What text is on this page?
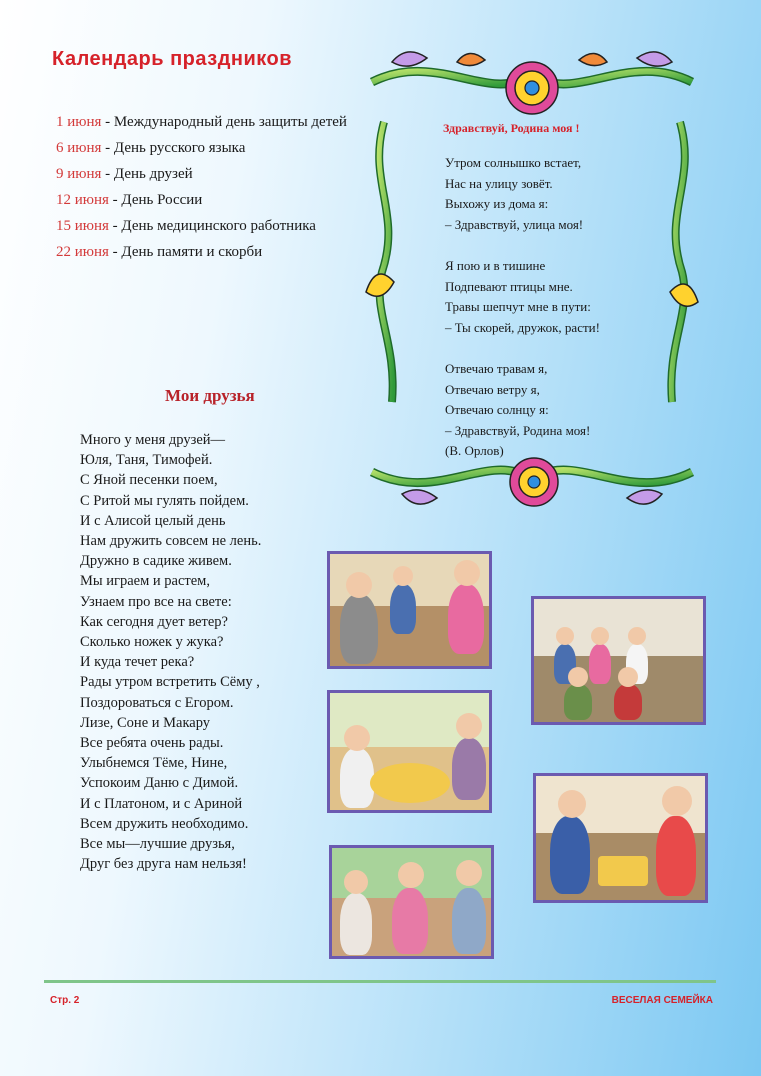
Календарь праздников
1 июня - Международный день защиты детей
6 июня - День русского языка
9 июня - День друзей
12 июня - День России
15 июня - День медицинского работника
22 июня - День памяти и скорби
Здравствуй, Родина моя !
Утром солнышко встает,
Нас на улицу зовёт.
Выхожу из дома я:
– Здравствуй, улица моя!
Я пою и в тишине
Подпевают птицы мне.
Травы шепчут мне в пути:
– Ты скорей, дружок, расти!
Отвечаю травам я,
Отвечаю ветру я,
Отвечаю солнцу я:
– Здравствуй, Родина моя!
(В. Орлов)
Мои друзья
Много у меня друзей—
Юля, Таня, Тимофей.
С Яной песенки поем,
С Ритой мы гулять пойдем.
И с Алисой целый день
Нам дружить совсем не лень.
Дружно в садике живем.
Мы играем и растем,
Узнаем про все на свете:
Как сегодня дует ветер?
Сколько ножек у жука?
И куда течет река?
Рады утром встретить Сёму ,
Поздороваться с Егором.
Лизе, Соне и Макару
Все ребята очень рады.
Улыбнемся Тёме, Нине,
Успокоим Даню с Димой.
И с Платоном, и с Ариной
Всем дружить необходимо.
Все мы—лучшие друзья,
Друг без друга нам нельзя!

Стр. 2	ВЕСЕЛАЯ СЕМЕЙКА
